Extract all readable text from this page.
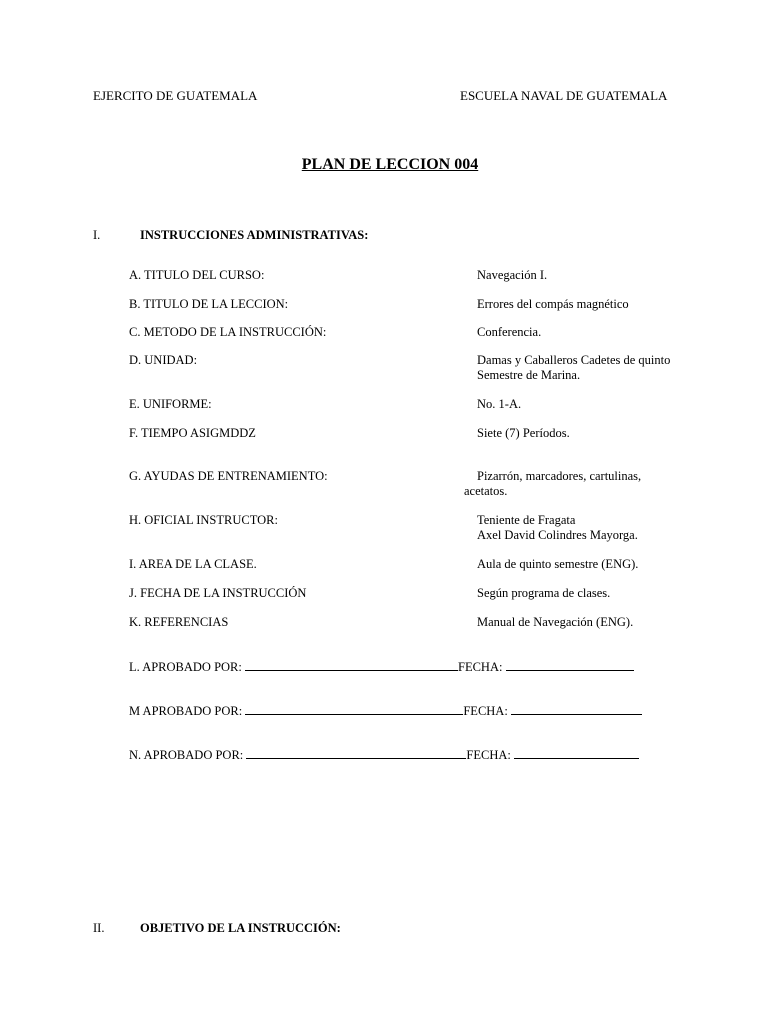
EJERCITO DE GUATEMALA	ESCUELA NAVAL DE GUATEMALA
PLAN DE LECCION 004
I.	INSTRUCCIONES ADMINISTRATIVAS:
A. TITULO DEL CURSO:	Navegación I.
B. TITULO DE LA LECCION:	Errores del compás magnético
C. METODO DE LA INSTRUCCIÓN:	Conferencia.
D. UNIDAD:	Damas y Caballeros Cadetes de quinto
Semestre de Marina.
E. UNIFORME:	No. 1-A.
F. TIEMPO ASIGMDDZ	Siete (7) Períodos.
G. AYUDAS DE ENTRENAMIENTO:	Pizarrón, marcadores, cartulinas,
acetatos.
H. OFICIAL INSTRUCTOR:	Teniente de Fragata
Axel David Colindres Mayorga.
I. AREA DE LA CLASE.	Aula de quinto semestre (ENG).
J. FECHA DE LA INSTRUCCIÓN	Según programa de clases.
K. REFERENCIAS	Manual de Navegación (ENG).
L. APROBADO POR:	FECHA:
M APROBADO POR:	FECHA:
N. APROBADO POR:	FECHA:
II.	OBJETIVO DE LA INSTRUCCIÓN:
